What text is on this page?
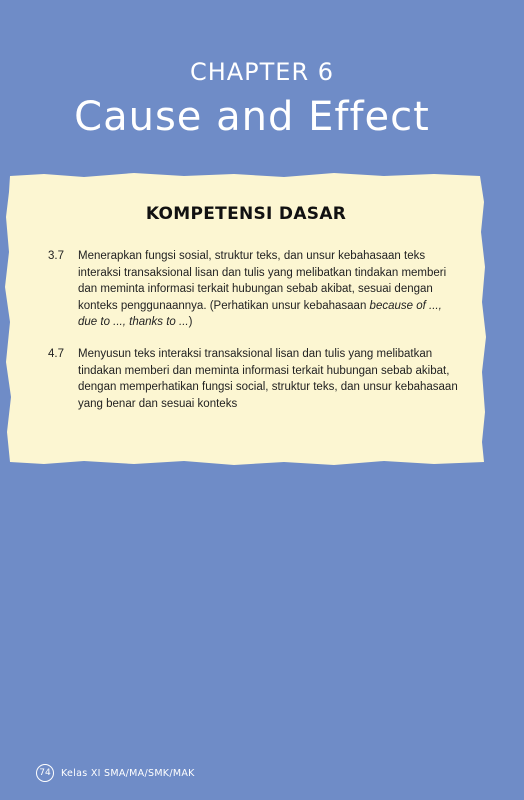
CHAPTER 6
Cause and Effect
KOMPETENSI DASAR
3.7	Menerapkan fungsi sosial, struktur teks, dan unsur kebahasaan teks interaksi transaksional lisan dan tulis yang melibatkan tindakan memberi dan meminta informasi terkait hubungan sebab akibat, sesuai dengan konteks penggunaannya. (Perhatikan unsur kebahasaan because of ..., due to ..., thanks to ...)
4.7	Menyusun teks interaksi transaksional lisan dan tulis yang melibatkan tindakan memberi dan meminta informasi terkait hubungan sebab akibat, dengan memperhatikan fungsi social, struktur teks, dan unsur kebahasaan yang benar dan sesuai konteks
74	Kelas XI SMA/MA/SMK/MAK
